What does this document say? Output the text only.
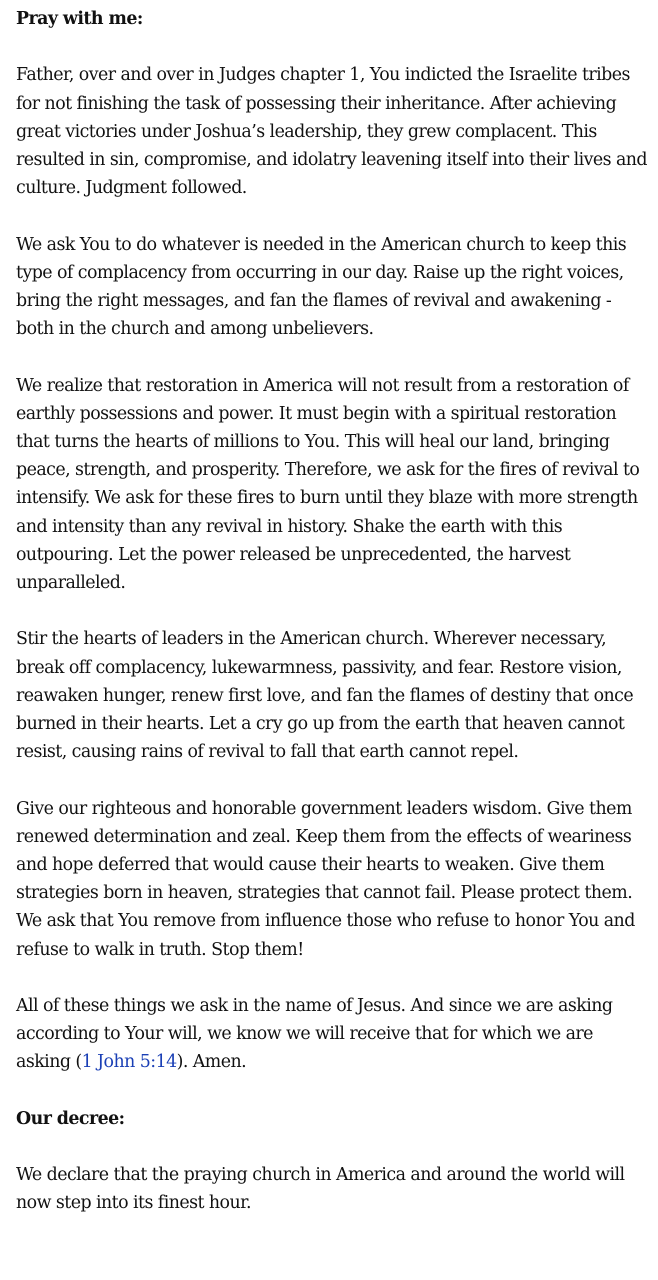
Pray with me:

Father, over and over in Judges chapter 1, You indicted the Israelite tribes for not finishing the task of possessing their inheritance. After achieving great victories under Joshua’s leadership, they grew complacent. This resulted in sin, compromise, and idolatry leavening itself into their lives and culture. Judgment followed.

We ask You to do whatever is needed in the American church to keep this type of complacency from occurring in our day. Raise up the right voices, bring the right messages, and fan the flames of revival and awakening - both in the church and among unbelievers.

We realize that restoration in America will not result from a restoration of earthly possessions and power. It must begin with a spiritual restoration that turns the hearts of millions to You. This will heal our land, bringing peace, strength, and prosperity. Therefore, we ask for the fires of revival to intensify. We ask for these fires to burn until they blaze with more strength and intensity than any revival in history. Shake the earth with this outpouring. Let the power released be unprecedented, the harvest unparalleled.

Stir the hearts of leaders in the American church. Wherever necessary, break off complacency, lukewarmness, passivity, and fear. Restore vision, reawaken hunger, renew first love, and fan the flames of destiny that once burned in their hearts. Let a cry go up from the earth that heaven cannot resist, causing rains of revival to fall that earth cannot repel.

Give our righteous and honorable government leaders wisdom. Give them renewed determination and zeal. Keep them from the effects of weariness and hope deferred that would cause their hearts to weaken. Give them strategies born in heaven, strategies that cannot fail. Please protect them. We ask that You remove from influence those who refuse to honor You and refuse to walk in truth. Stop them!

All of these things we ask in the name of Jesus. And since we are asking according to Your will, we know we will receive that for which we are asking (1 John 5:14). Amen.

Our decree:

We declare that the praying church in America and around the world will now step into its finest hour.
